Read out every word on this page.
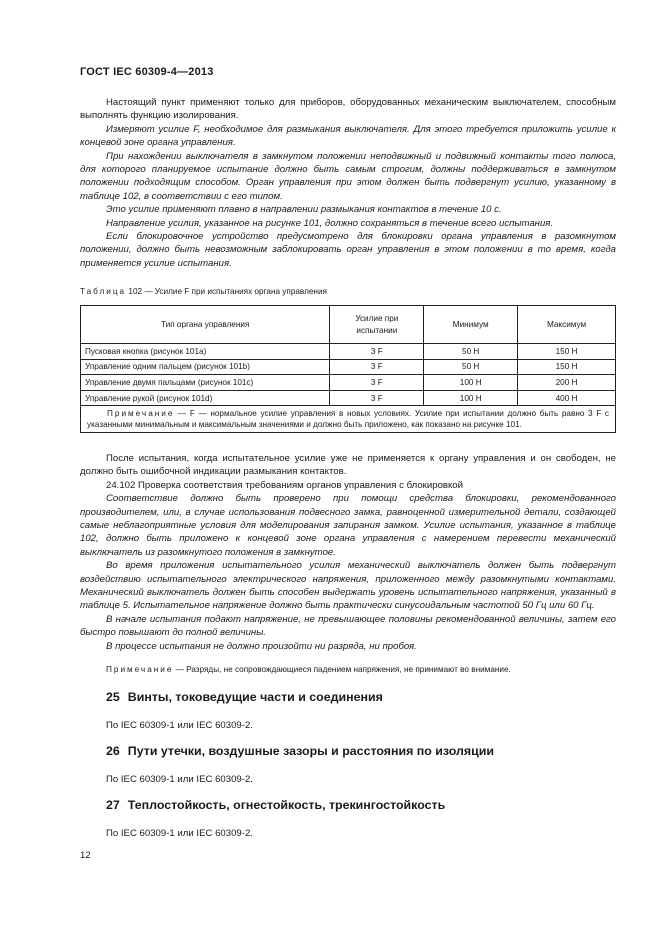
ГОСТ IEC 60309-4—2013

Настоящий пункт применяют только для приборов, оборудованных механическим выключателем, способным выполнять функцию изолирования.

Измеряют усилие F, необходимое для размыкания выключателя. Для этого требуется приложить усилие к концевой зоне органа управления.

При нахождении выключателя в замкнутом положении неподвижный и подвижный контакты того полюса, для которого планируемое испытание должно быть самым строгим, должны поддерживаться в замкнутом положении подходящим способом. Орган управления при этом должен быть подвергнут усилию, указанному в таблице 102, в соответствии с его типом.

Это усилие применяют плавно в направлении размыкания контактов в течение 10 с.

Направление усилия, указанное на рисунке 101, должно сохраняться в течение всего испытания.

Если блокировочное устройство предусмотрено для блокировки органа управления в разомкнутом положении, должно быть невозможным заблокировать орган управления в этом положении в то время, когда применяется усилие испытания.

Таблица 102 — Усилие F при испытаниях органа управления
Тип органа управления	Усилие при испытании	Минимум	Максимум
Пусковая кнопка (рисунок 101a)	3 F	50 Н	150 Н
Управление одним пальцем (рисунок 101b)	3 F	50 Н	150 Н
Управление двумя пальцами (рисунок 101c)	3 F	100 Н	200 Н
Управление рукой (рисунок 101d)	3 F	100 Н	400 Н
Примечание — F — нормальное усилие управления в новых условиях. Усилие при испытании должно быть равно 3 F с указанными минимальным и максимальным значениями и должно быть приложено, как показано на рисунке 101.			

После испытания, когда испытательное усилие уже не применяется к органу управления и он свободен, не должно быть ошибочной индикации размыкания контактов.

24.102 Проверка соответствия требованиям органов управления с блокировкой

Соответствие должно быть проверено при помощи средства блокировки, рекомендованного производителем, или, в случае использования подвесного замка, равноценной измерительной детали, создающей самые неблагоприятные условия для моделирования запирания замком. Усилие испытания, указанное в таблице 102, должно быть приложено к концевой зоне органа управления с намерением перевести механический выключатель из разомкнутого положения в замкнутое.

Во время приложения испытательного усилия механический выключатель должен быть подвергнут воздействию испытательного электрического напряжения, приложенного между разомкнутыми контактами. Механический выключатель должен быть способен выдержать уровень испытательного напряжения, указанный в таблице 5. Испытательное напряжение должно быть практически синусоидальным частотой 50 Гц или 60 Гц.

В начале испытания подают напряжение, не превышающее половины рекомендованной величины, затем его быстро повышают до полной величины.

В процессе испытания не должно произойти ни разряда, ни пробоя.

Примечание — Разряды, не сопровождающиеся падением напряжения, не принимают во внимание.
25 Винты, токоведущие части и соединения
По IEC 60309-1 или IEC 60309-2.
26 Пути утечки, воздушные зазоры и расстояния по изоляции
По IEC 60309-1 или IEC 60309-2.
27 Теплостойкость, огнестойкость, трекингостойкость
По IEC 60309-1 или IEC 60309-2.
12
